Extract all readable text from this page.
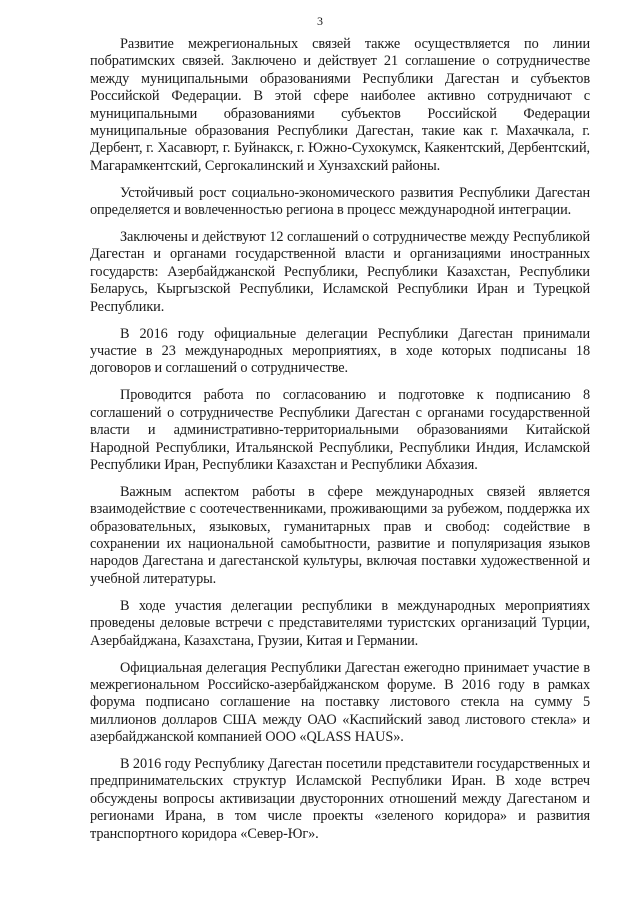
3

Развитие межрегиональных связей также осуществляется по линии побратимских связей. Заключено и действует 21 соглашение о сотрудничестве между муниципальными образованиями Республики Дагестан и субъектов Российской Федерации. В этой сфере наиболее активно сотрудничают с муниципальными образованиями субъектов Российской Федерации муниципальные образования Республики Дагестан, такие как г. Махачкала, г. Дербент, г. Хасавюрт, г. Буйнакск, г. Южно-Сухокумск, Каякентский, Дербентский, Магарамкентский, Сергокалинский и Хунзахский районы.

Устойчивый рост социально-экономического развития Республики Дагестан определяется и вовлеченностью региона в процесс международной интеграции.

Заключены и действуют 12 соглашений о сотрудничестве между Республикой Дагестан и органами государственной власти и организациями иностранных государств: Азербайджанской Республики, Республики Казахстан, Республики Беларусь, Кыргызской Республики, Исламской Республики Иран и Турецкой Республики.

В 2016 году официальные делегации Республики Дагестан принимали участие в 23 международных мероприятиях, в ходе которых подписаны 18 договоров и соглашений о сотрудничестве.

Проводится работа по согласованию и подготовке к подписанию 8 соглашений о сотрудничестве Республики Дагестан с органами государственной власти и административно-территориальными образованиями Китайской Народной Республики, Итальянской Республики, Республики Индия, Исламской Республики Иран, Республики Казахстан и Республики Абхазия.

Важным аспектом работы в сфере международных связей является взаимодействие с соотечественниками, проживающими за рубежом, поддержка их образовательных, языковых, гуманитарных прав и свобод: содействие в сохранении их национальной самобытности, развитие и популяризация языков народов Дагестана и дагестанской культуры, включая поставки художественной и учебной литературы.

В ходе участия делегации республики в международных мероприятиях проведены деловые встречи с представителями туристских организаций Турции, Азербайджана, Казахстана, Грузии, Китая и Германии.

Официальная делегация Республики Дагестан ежегодно принимает участие в межрегиональном Российско-азербайджанском форуме. В 2016 году в рамках форума подписано соглашение на поставку листового стекла на сумму 5 миллионов долларов США между ОАО «Каспийский завод листового стекла» и азербайджанской компанией ООО «QLASS HAUS».

В 2016 году Республику Дагестан посетили представители государственных и предпринимательских структур Исламской Республики Иран. В ходе встреч обсуждены вопросы активизации двусторонних отношений между Дагестаном и регионами Ирана, в том числе проекты «зеленого коридора» и развития транспортного коридора «Север-Юг».
